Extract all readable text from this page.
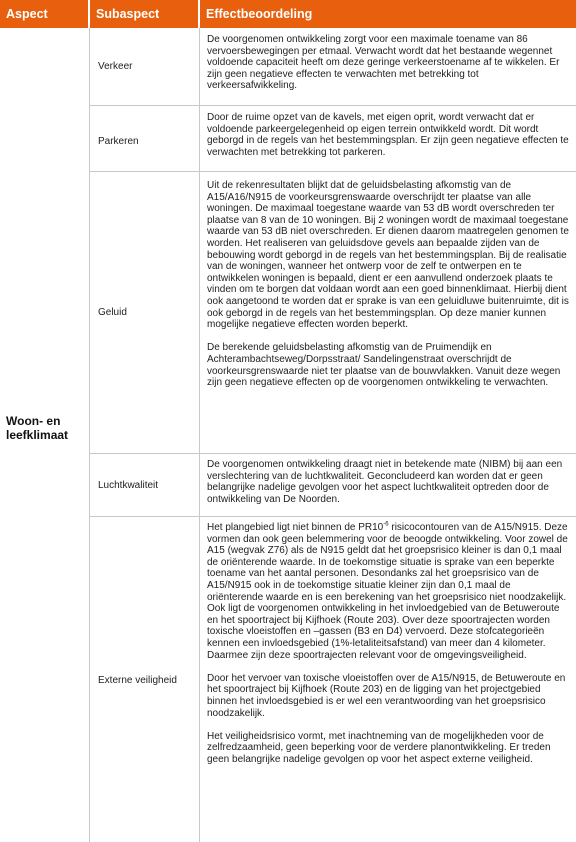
Aspect	Subaspect	Effectbeoordeling
Woon- en leefklimaat
Verkeer

De voorgenomen ontwikkeling zorgt voor een maximale toename van 86 vervoersbewegingen per etmaal. Verwacht wordt dat het bestaande wegennet voldoende capaciteit heeft om deze geringe verkeerstoename af te wikkelen. Er zijn geen negatieve effecten te verwachten met betrekking tot verkeersafwikkeling.

Parkeren

Door de ruime opzet van de kavels, met eigen oprit, wordt verwacht dat er voldoende parkeergelegenheid op eigen terrein ontwikkeld wordt. Dit wordt geborgd in de regels van het bestemmingsplan. Er zijn geen negatieve effecten te verwachten met betrekking tot parkeren.

Geluid

Uit de rekenresultaten blijkt dat de geluidsbelasting afkomstig van de A15/A16/N915 de voorkeursgrenswaarde overschrijdt ter plaatse van alle woningen. De maximaal toegestane waarde van 53 dB wordt overschreden ter plaatse van 8 van de 10 woningen. Bij 2 woningen wordt de maximaal toegestane waarde van 53 dB niet overschreden. Er dienen daarom maatregelen genomen te worden. Het realiseren van geluidsdove gevels aan bepaalde zijden van de bebouwing wordt geborgd in de regels van het bestemmingsplan. Bij de realisatie van de woningen, wanneer het ontwerp voor de zelf te ontwerpen en te ontwikkelen woningen is bepaald, dient er een aanvullend onderzoek plaats te vinden om te borgen dat voldaan wordt aan een goed binnenklimaat. Hierbij dient ook aangetoond te worden dat er sprake is van een geluidluwe buitenruimte, dit is ook geborgd in de regels van het bestemmingsplan. Op deze manier kunnen mogelijke negatieve effecten worden beperkt.

De berekende geluidsbelasting afkomstig van de Pruimendijk en Achterambachtseweg/Dorpsstraat/ Sandelingenstraat overschrijdt de voorkeursgrenswaarde niet ter plaatse van de bouwvlakken. Vanuit deze wegen zijn geen negatieve effecten op de voorgenomen ontwikkeling te verwachten.

Luchtkwaliteit

De voorgenomen ontwikkeling draagt niet in betekende mate (NIBM) bij aan een verslechtering van de luchtkwaliteit. Geconcludeerd kan worden dat er geen belangrijke nadelige gevolgen voor het aspect luchtkwaliteit optreden door de ontwikkeling van De Noorden.

Externe veiligheid

Het plangebied ligt niet binnen de $PR10^{-6}$ risicocontouren van de A15/N915. Deze vormen dan ook geen belemmering voor de beoogde ontwikkeling. Voor zowel de A15 (wegvak Z76) als de N915 geldt dat het groepsrisico kleiner is dan 0,1 maal de oriënterende waarde. In de toekomstige situatie is sprake van een beperkte toename van het aantal personen. Desondanks zal het groepsrisico van de A15/N915 ook in de toekomstige situatie kleiner zijn dan 0,1 maal de oriënterende waarde en is een berekening van het groepsrisico niet noodzakelijk.
Ook ligt de voorgenomen ontwikkeling in het invloedgebied van de Betuweroute en het spoortraject bij Kijfhoek (Route 203). Over deze spoortrajecten worden toxische vloeistoffen en –gassen (B3 en D4) vervoerd. Deze stofcategorieën kennen een invloedsgebied (1%-letaliteitsafstand) van meer dan 4 kilometer. Daarmee zijn deze spoortrajecten relevant voor de omgevingsveiligheid.

Door het vervoer van toxische vloeistoffen over de A15/N915, de Betuweroute en het spoortraject bij Kijfhoek (Route 203) en de ligging van het projectgebied binnen het invloedsgebied is er wel een verantwoording van het groepsrisico noodzakelijk.

Het veiligheidsrisico vormt, met inachtneming van de mogelijkheden voor de zelfredzaamheid, geen beperking voor de verdere planontwikkeling. Er treden geen belangrijke nadelige gevolgen op voor het aspect externe veiligheid.
